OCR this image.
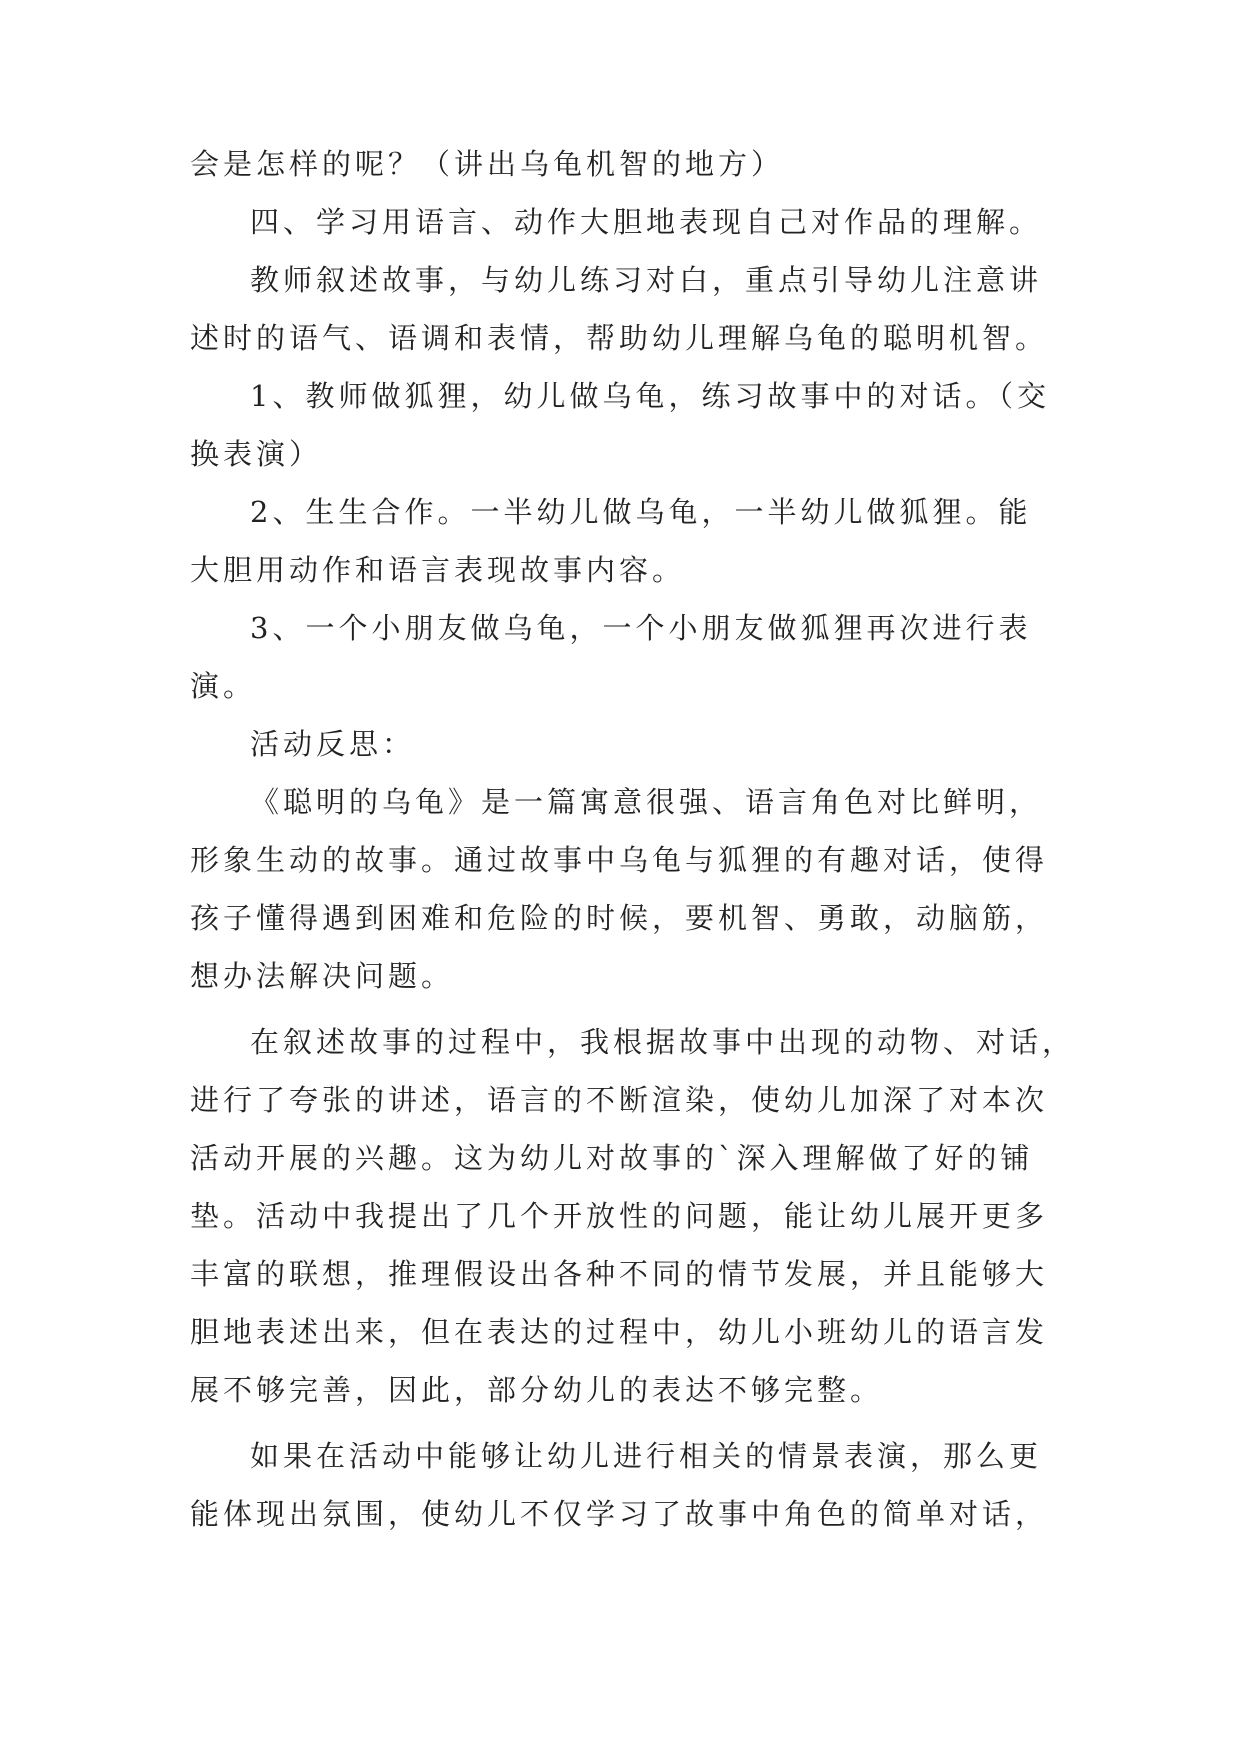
会是怎样的呢？（讲出乌龟机智的地方）
四、学习用语言、动作大胆地表现自己对作品的理解。
教师叙述故事，与幼儿练习对白，重点引导幼儿注意讲
述时的语气、语调和表情，帮助幼儿理解乌龟的聪明机智。
1、教师做狐狸，幼儿做乌龟，练习故事中的对话。（交
换表演）
2、生生合作。一半幼儿做乌龟，一半幼儿做狐狸。能
大胆用动作和语言表现故事内容。
3、一个小朋友做乌龟，一个小朋友做狐狸再次进行表
演。
活动反思：
《聪明的乌龟》是一篇寓意很强、语言角色对比鲜明，
形象生动的故事。通过故事中乌龟与狐狸的有趣对话，使得
孩子懂得遇到困难和危险的时候，要机智、勇敢，动脑筋，
想办法解决问题。
在叙述故事的过程中，我根据故事中出现的动物、对话，
进行了夸张的讲述，语言的不断渲染，使幼儿加深了对本次
活动开展的兴趣。这为幼儿对故事的`深入理解做了好的铺
垫。活动中我提出了几个开放性的问题，能让幼儿展开更多
丰富的联想，推理假设出各种不同的情节发展，并且能够大
胆地表述出来，但在表达的过程中，幼儿小班幼儿的语言发
展不够完善，因此，部分幼儿的表达不够完整。
如果在活动中能够让幼儿进行相关的情景表演，那么更
能体现出氛围，使幼儿不仅学习了故事中角色的简单对话，
